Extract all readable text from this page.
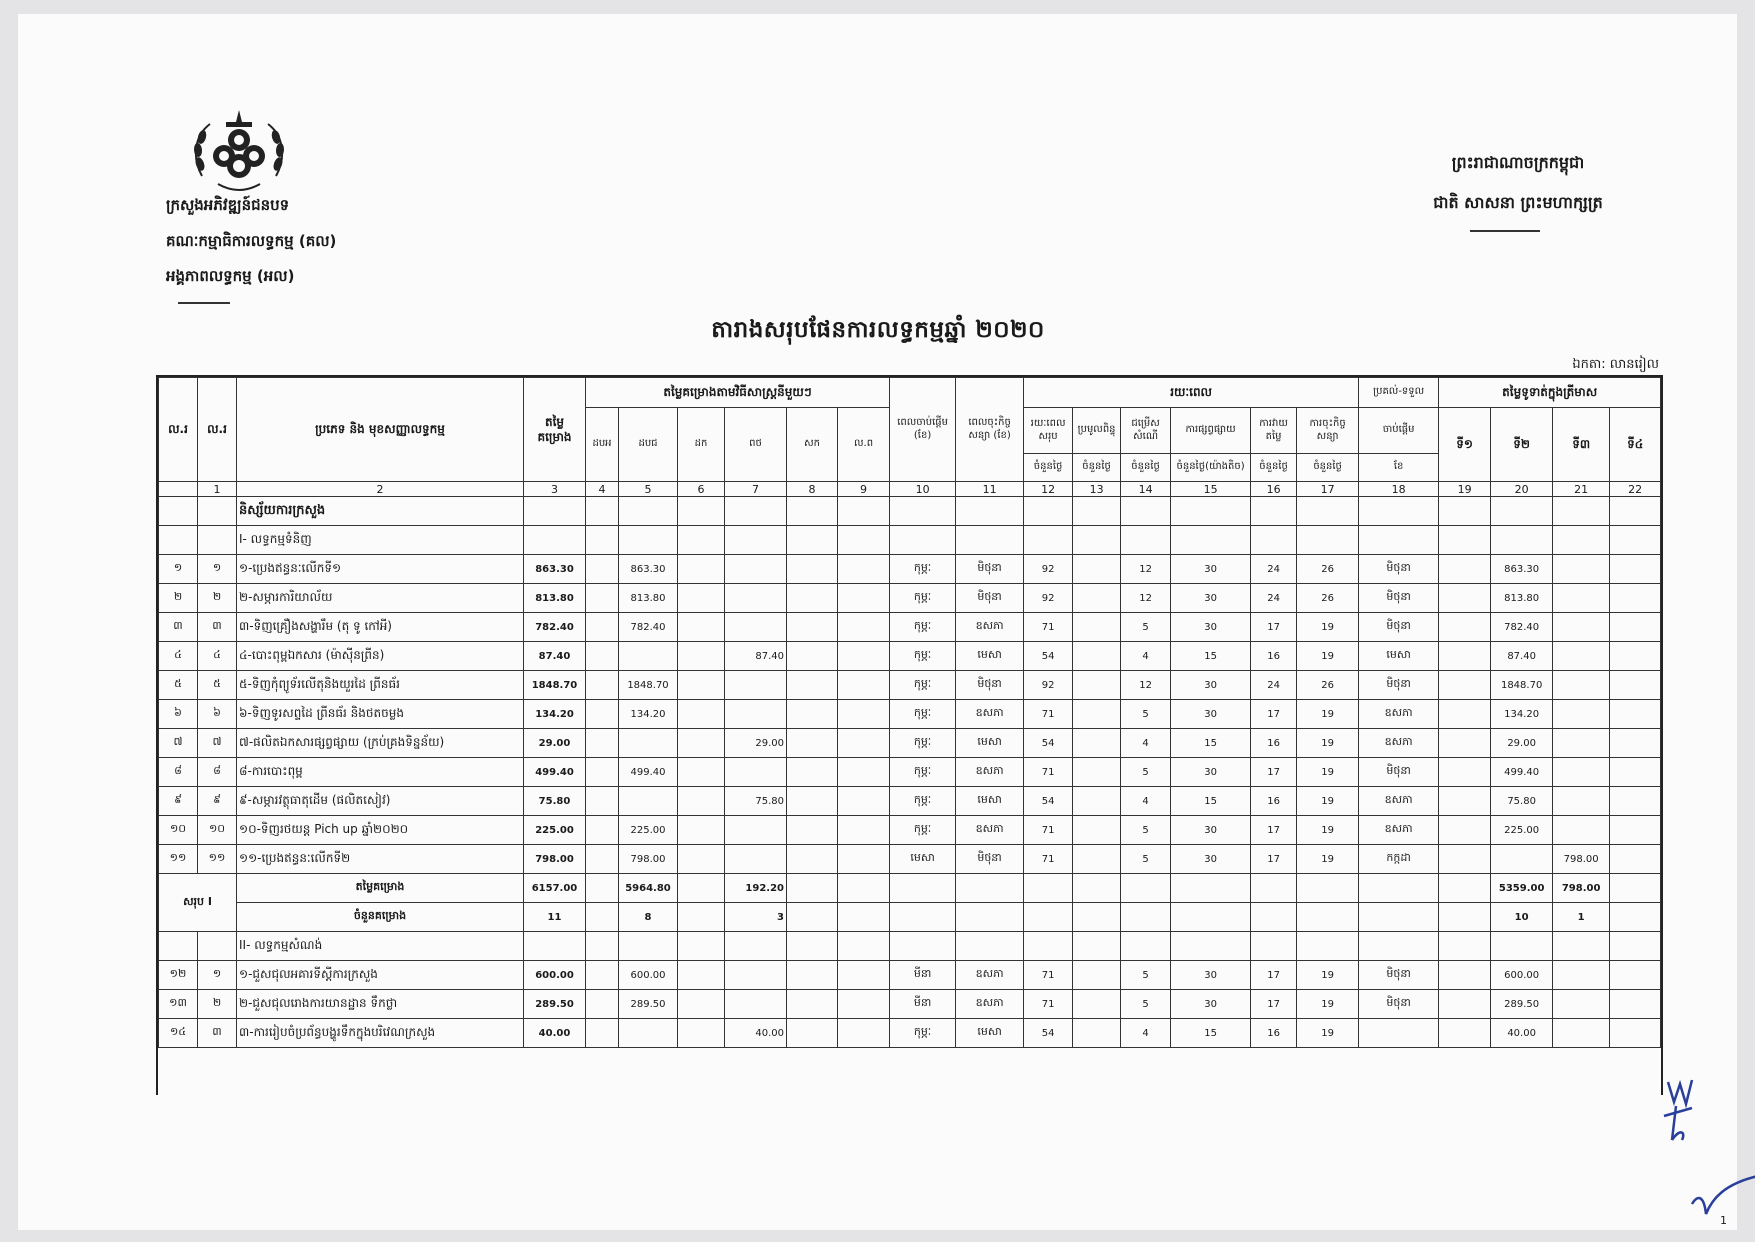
ក្រសួងអភិវឌ្ឍន៍ជនបទ
គណៈកម្មាធិការលទ្ធកម្ម (គល)
អង្គភាពលទ្ធកម្ម (អល)
ព្រះរាជាណាចក្រកម្ពុជា
ជាតិ សាសនា ព្រះមហាក្សត្រ
តារាងសរុបផែនការលទ្ធកម្មឆ្នាំ ២០២០
ឯកតា: លានរៀល
ល.រ	ល.រ	ប្រភេទ និង មុខសញ្ញាលទ្ធកម្ម	តម្លៃ គម្រោង	តម្លៃគម្រោងតាមវិធីសាស្ត្រនីមួយៗ						ពេលចាប់ផ្តើម (ខែ)	ពេលចុះកិច្ចសន្យា (ខែ)	រយៈពេល						ប្រគល់-ទទួល	តម្លៃទូទាត់ក្នុងត្រីមាស			
				ដបអ	ដបជ	ដក	ពថ	សក	ល.ព			រយៈពេល សរុប	ប្រមូលពិន្ទុ	ជម្រើសសំណើ	ការផ្សព្វផ្សាយ	ការវាយតម្លៃ	ការចុះកិច្ចសន្យា	ចាប់ផ្តើម	ទី១	ទី២	ទី៣	ទី៤
												ចំនួនថ្ងៃ	ចំនួនថ្ងៃ	ចំនួនថ្ងៃ	ចំនួនថ្ងៃ(យ៉ាងតិច)	ចំនួនថ្ងៃ	ចំនួនថ្ងៃ	ខែ				
	1	2	3	4	5	6	7	8	9	10	11	12	13	14	15	16	17	18	19	20	21	22
		និស្ស័យការក្រសួង																				
		I- លទ្ធកម្មទំនិញ																				
១	១	១-ប្រេងឥន្ធនៈលើកទី១	863.30		863.30					កុម្ភៈ	មិថុនា	92		12	30	24	26	មិថុនា		863.30		
២	២	២-សម្ភារការិយាល័យ	813.80		813.80					កុម្ភៈ	មិថុនា	92		12	30	24	26	មិថុនា		813.80		
៣	៣	៣-ទិញគ្រឿងសង្ហារឹម (តុ ទូ កៅអី)	782.40		782.40					កុម្ភៈ	ឧសភា	71		5	30	17	19	មិថុនា		782.40		
៤	៤	៤-បោះពុម្ពឯកសារ (ម៉ាស៊ីនព្រីន)	87.40				87.40			កុម្ភៈ	មេសា	54		4	15	16	19	មេសា		87.40		
៥	៥	៥-ទិញកុំព្យូទ័រលើតុនិងយួរដៃ ព្រីនធ័រ	1848.70		1848.70					កុម្ភៈ	មិថុនា	92		12	30	24	26	មិថុនា		1848.70		
៦	៦	៦-ទិញទូរសព្ទដៃ ព្រីនធ័រ និងថតចម្លង	134.20		134.20					កុម្ភៈ	ឧសភា	71		5	30	17	19	ឧសភា		134.20		
៧	៧	៧-ផលិតឯកសារផ្សព្វផ្សាយ (ក្រប់គ្រងទិន្នន័យ)	29.00				29.00			កុម្ភៈ	មេសា	54		4	15	16	19	ឧសភា		29.00		
៨	៨	៨-ការបោះពុម្ព	499.40		499.40					កុម្ភៈ	ឧសភា	71		5	30	17	19	មិថុនា		499.40		
៩	៩	៩-សម្ភារវត្ថុធាតុដើម (ផលិតសៀវ)	75.80				75.80			កុម្ភៈ	មេសា	54		4	15	16	19	ឧសភា		75.80		
១០	១០	១០-ទិញរថយន្ត Pich up ឆ្នាំ២០២០	225.00		225.00					កុម្ភៈ	ឧសភា	71		5	30	17	19	ឧសភា		225.00		
១១	១១	១១-ប្រេងឥន្ធនៈលើកទី២	798.00		798.00					មេសា	មិថុនា	71		5	30	17	19	កក្កដា			798.00	
សរុប I		តម្លៃគម្រោង	6157.00		5964.80		192.20													5359.00	798.00	
		ចំនួនគម្រោង	11		8		3													10	1	
		II- លទ្ធកម្មសំណង់																				
១២	១	១-ជួសជុលអគារទីស្តីការក្រសួង	600.00		600.00					មីនា	ឧសភា	71		5	30	17	19	មិថុនា		600.00		
១៣	២	២-ជួសជុលរោងការយានដ្ឋាន ទឹកថ្លា	289.50		289.50					មីនា	ឧសភា	71		5	30	17	19	មិថុនា		289.50		
១៤	៣	៣-ការរៀបចំប្រព័ន្ធបង្ហូរទឹកក្នុងបរិវេណក្រសួង	40.00				40.00			កុម្ភៈ	មេសា	54		4	15	16	19			40.00		
1
